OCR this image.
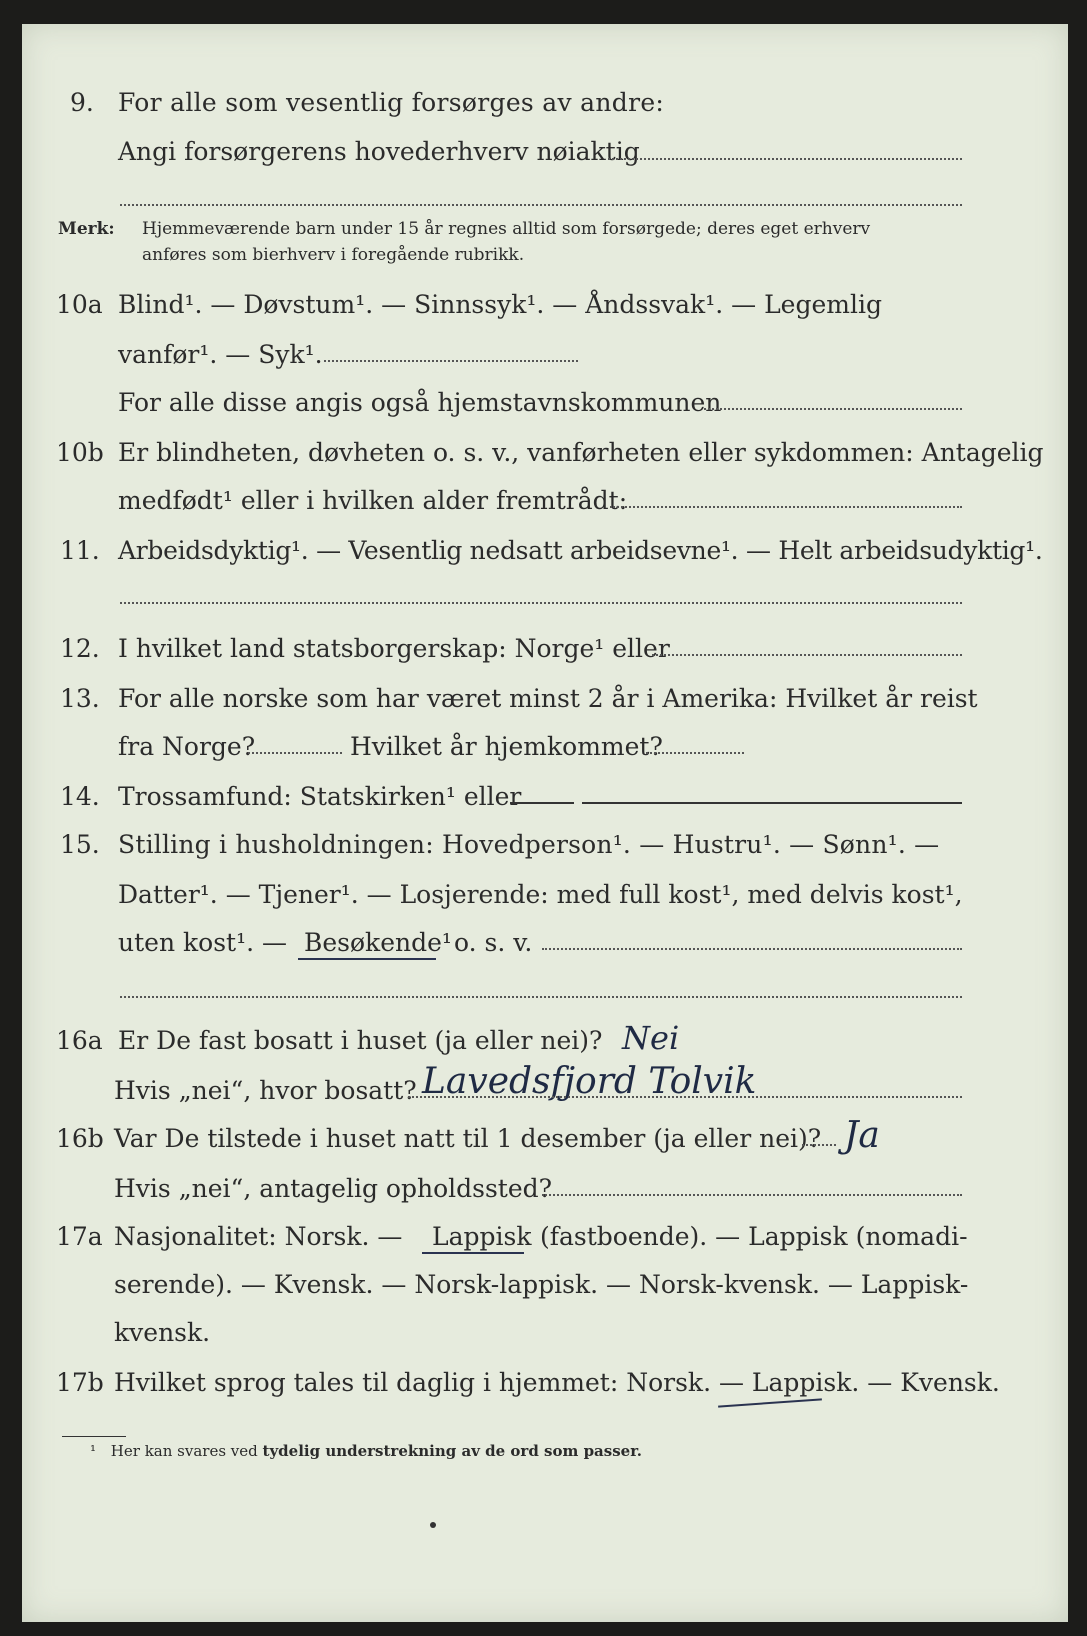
9. For alle som vesentlig forsørges av andre:
Angi forsørgerens hovederhverv nøiaktig
Merk: Hjemmeværende barn under 15 år regnes alltid som forsørgede; deres eget erhverv
anføres som bierhverv i foregående rubrikk.
10a Blind¹. — Døvstum¹. — Sinnssyk¹. — Åndssvak¹. — Legemlig
vanfør¹. — Syk¹.
For alle disse angis også hjemstavnskommunen
10b Er blindheten, døvheten o. s. v., vanførheten eller sykdommen: Antagelig
medfødt¹ eller i hvilken alder fremtrådt:
11. Arbeidsdyktig¹. — Vesentlig nedsatt arbeidsevne¹. — Helt arbeidsudyktig¹.
12. I hvilket land statsborgerskap: Norge¹ eller
13. For alle norske som har været minst 2 år i Amerika: Hvilket år reist
fra Norge?	Hvilket år hjemkommet?
14. Trossamfund: Statskirken¹ eller
15. Stilling i husholdningen: Hovedperson¹. — Hustru¹. — Sønn¹. —
Datter¹. — Tjener¹. — Losjerende: med full kost¹, med delvis kost¹,
uten kost¹. — Besøkende¹ o. s. v.
16a Er De fast bosatt i huset (ja eller nei)? Nei
Hvis „nei“, hvor bosatt? Lavedsfjord Tolvik
16b Var De tilstede i huset natt til 1 desember (ja eller nei)? Ja
Hvis „nei“, antagelig opholdssted?
17a Nasjonalitet: Norsk. — Lappisk (fastboende). — Lappisk (nomadi-
serende). — Kvensk. — Norsk-lappisk. — Norsk-kvensk. — Lappisk-
kvensk.
17b Hvilket sprog tales til daglig i hjemmet: Norsk. — Lappisk. — Kvensk.
¹ Her kan svares ved tydelig understrekning av de ord som passer.
